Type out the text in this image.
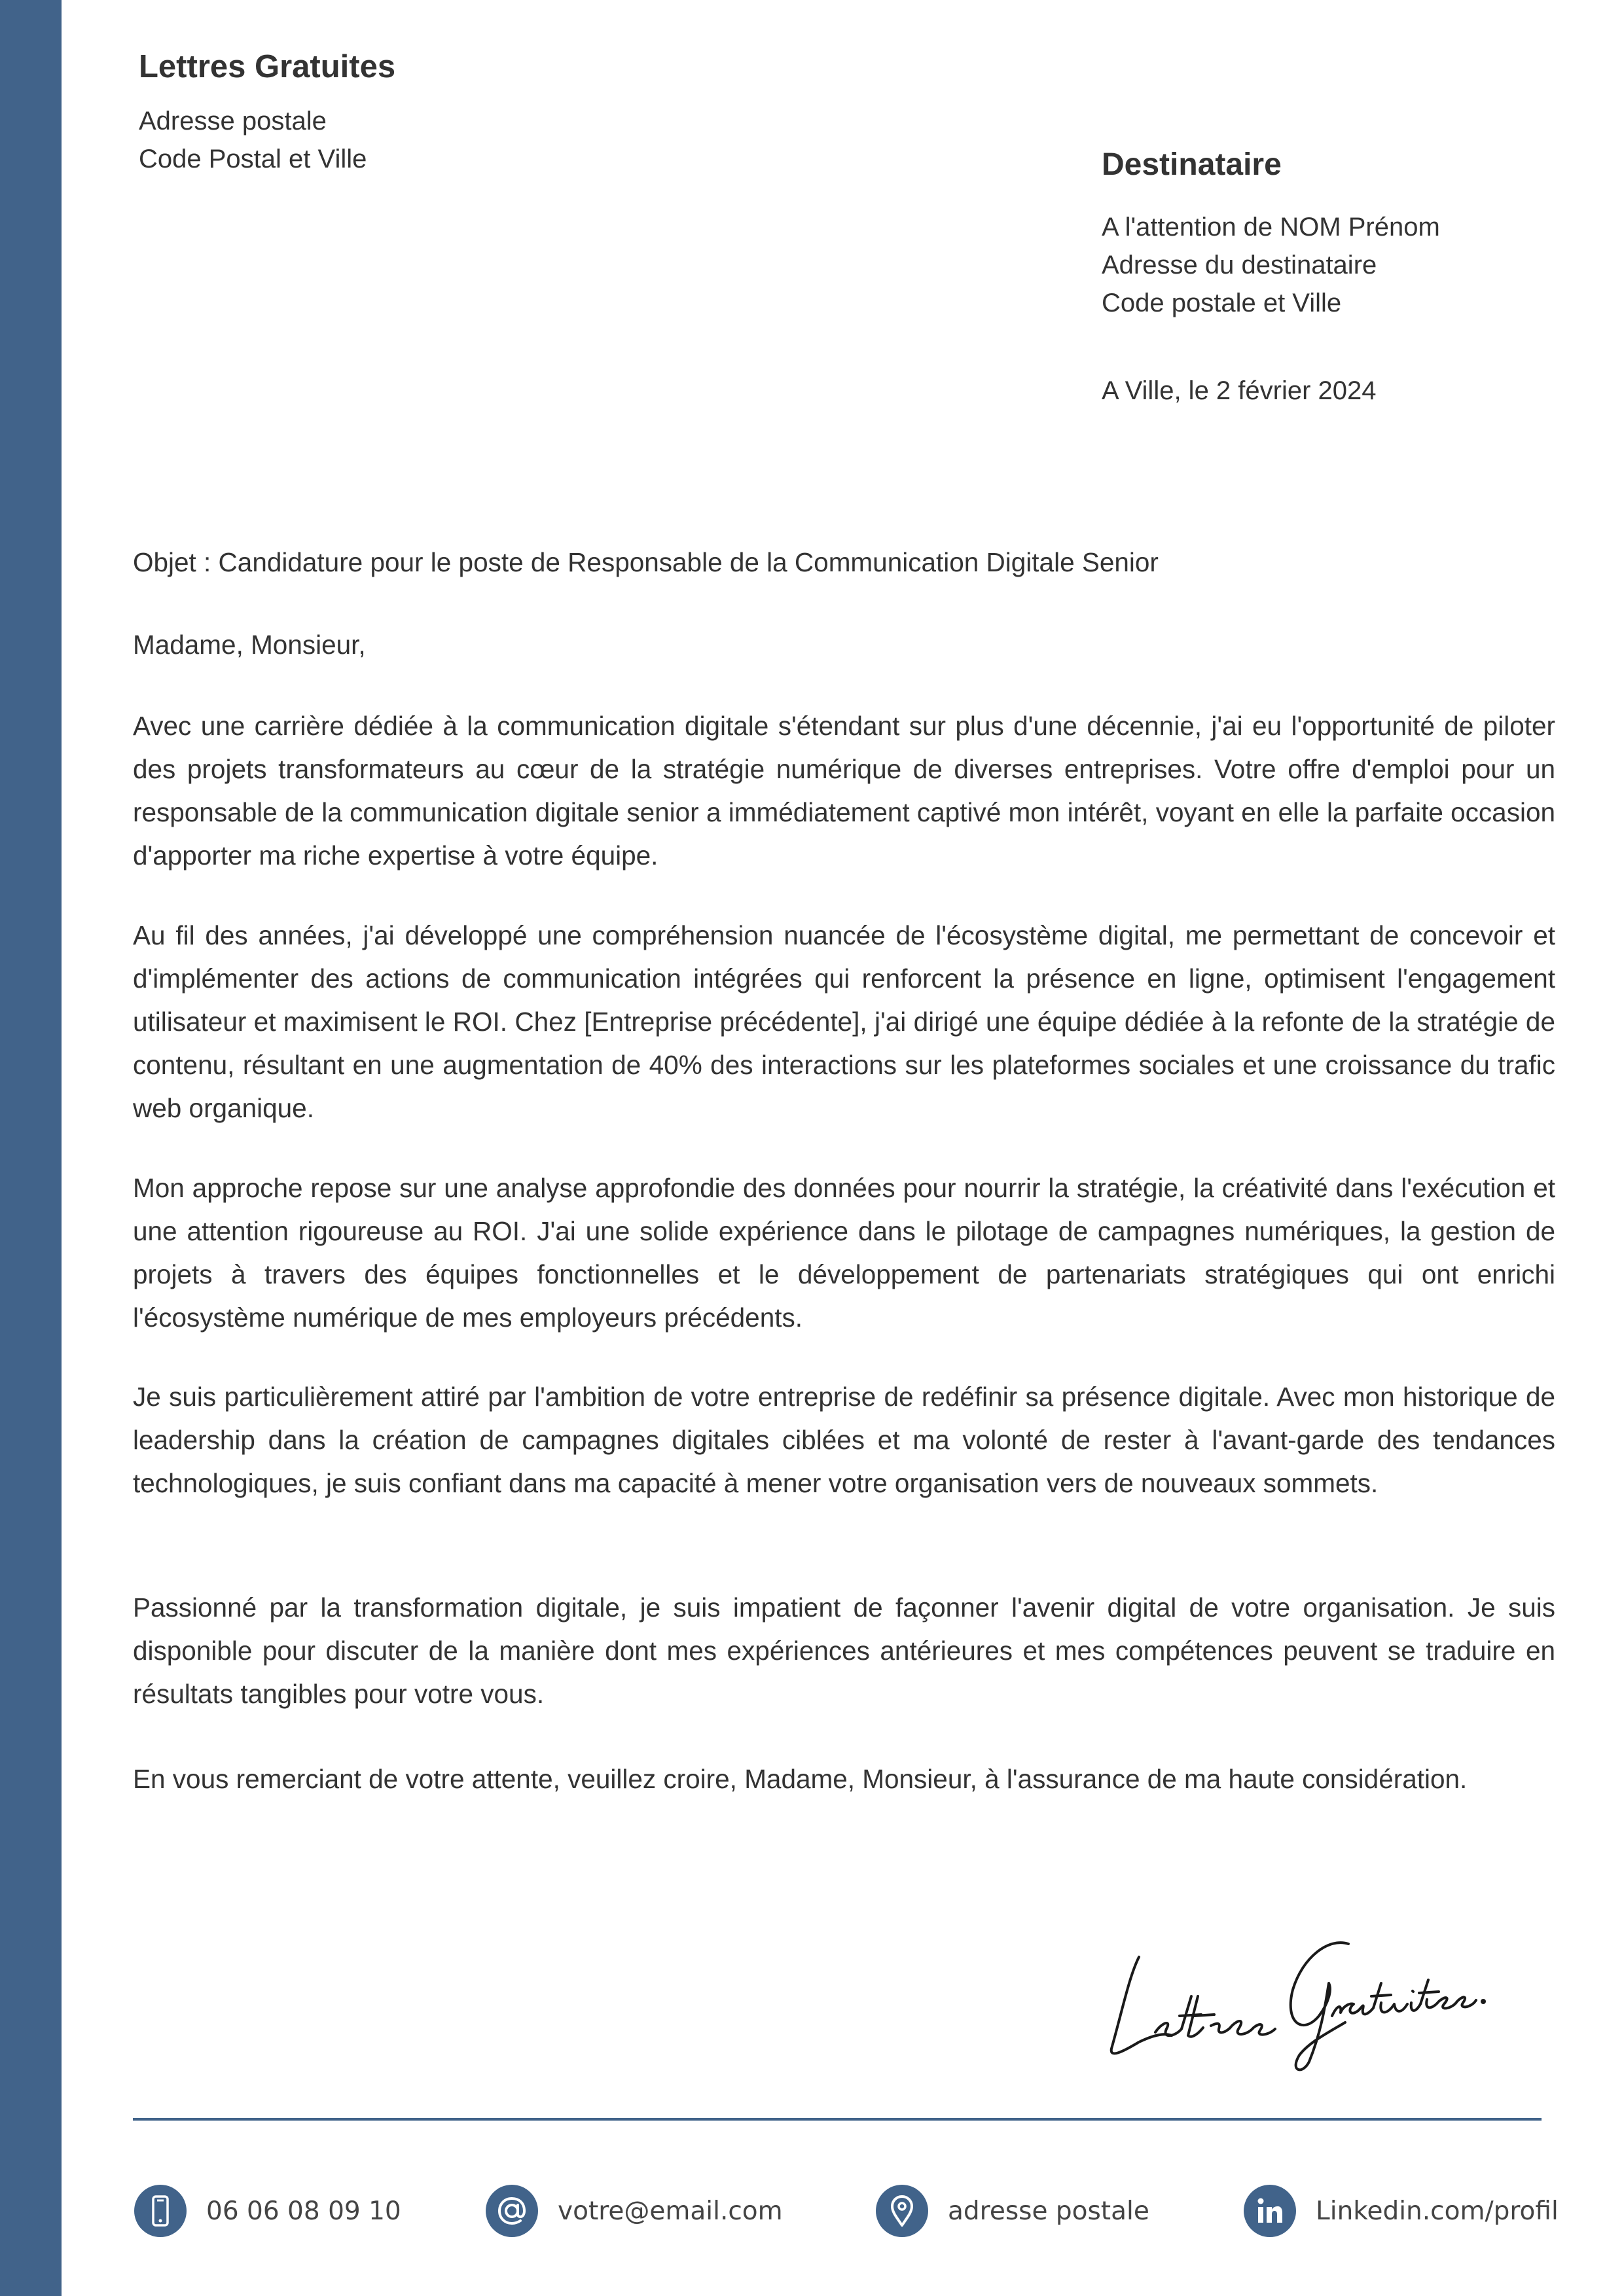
Lettres Gratuites
Adresse postale
Code Postal et Ville	Destinataire
A l'attention de NOM Prénom
Adresse du destinataire
Code postale et Ville
A Ville, le 2 février 2024
Objet : Candidature pour le poste de Responsable de la Communication Digitale Senior
Madame, Monsieur,
Avec une carrière dédiée à la communication digitale s'étendant sur plus d'une décennie, j'ai eu l'opportunité de piloter des projets transformateurs au cœur de la stratégie numérique de diverses entreprises. Votre offre d'emploi pour un responsable de la communication digitale senior a immédiatement captivé mon intérêt, voyant en elle la parfaite occasion d'apporter ma riche expertise à votre équipe.
Au fil des années, j'ai développé une compréhension nuancée de l'écosystème digital, me permettant de concevoir et d'implémenter des actions de communication intégrées qui renforcent la présence en ligne, optimisent l'engagement utilisateur et maximisent le ROI. Chez [Entreprise précédente], j'ai dirigé une équipe dédiée à la refonte de la stratégie de contenu, résultant en une augmentation de 40% des interactions sur les plateformes sociales et une croissance du trafic web organique.
Mon approche repose sur une analyse approfondie des données pour nourrir la stratégie, la créativité dans l'exécution et une attention rigoureuse au ROI. J'ai une solide expérience dans le pilotage de campagnes numériques, la gestion de projets à travers des équipes fonctionnelles et le développement de partenariats stratégiques qui ont enrichi l'écosystème numérique de mes employeurs précédents.
Je suis particulièrement attiré par l'ambition de votre entreprise de redéfinir sa présence digitale. Avec mon historique de leadership dans la création de campagnes digitales ciblées et ma volonté de rester à l'avant-garde des tendances technologiques, je suis confiant dans ma capacité à mener votre organisation vers de nouveaux sommets.
Passionné par la transformation digitale, je suis impatient de façonner l'avenir digital de votre organisation. Je suis disponible pour discuter de la manière dont mes expériences antérieures et mes compétences peuvent se traduire en résultats tangibles pour votre vous.
En vous remerciant de votre attente, veuillez croire, Madame, Monsieur, à l'assurance de ma haute considération.
06 06 08 09 10	votre@email.com	adresse postale	Linkedin.com/profil
